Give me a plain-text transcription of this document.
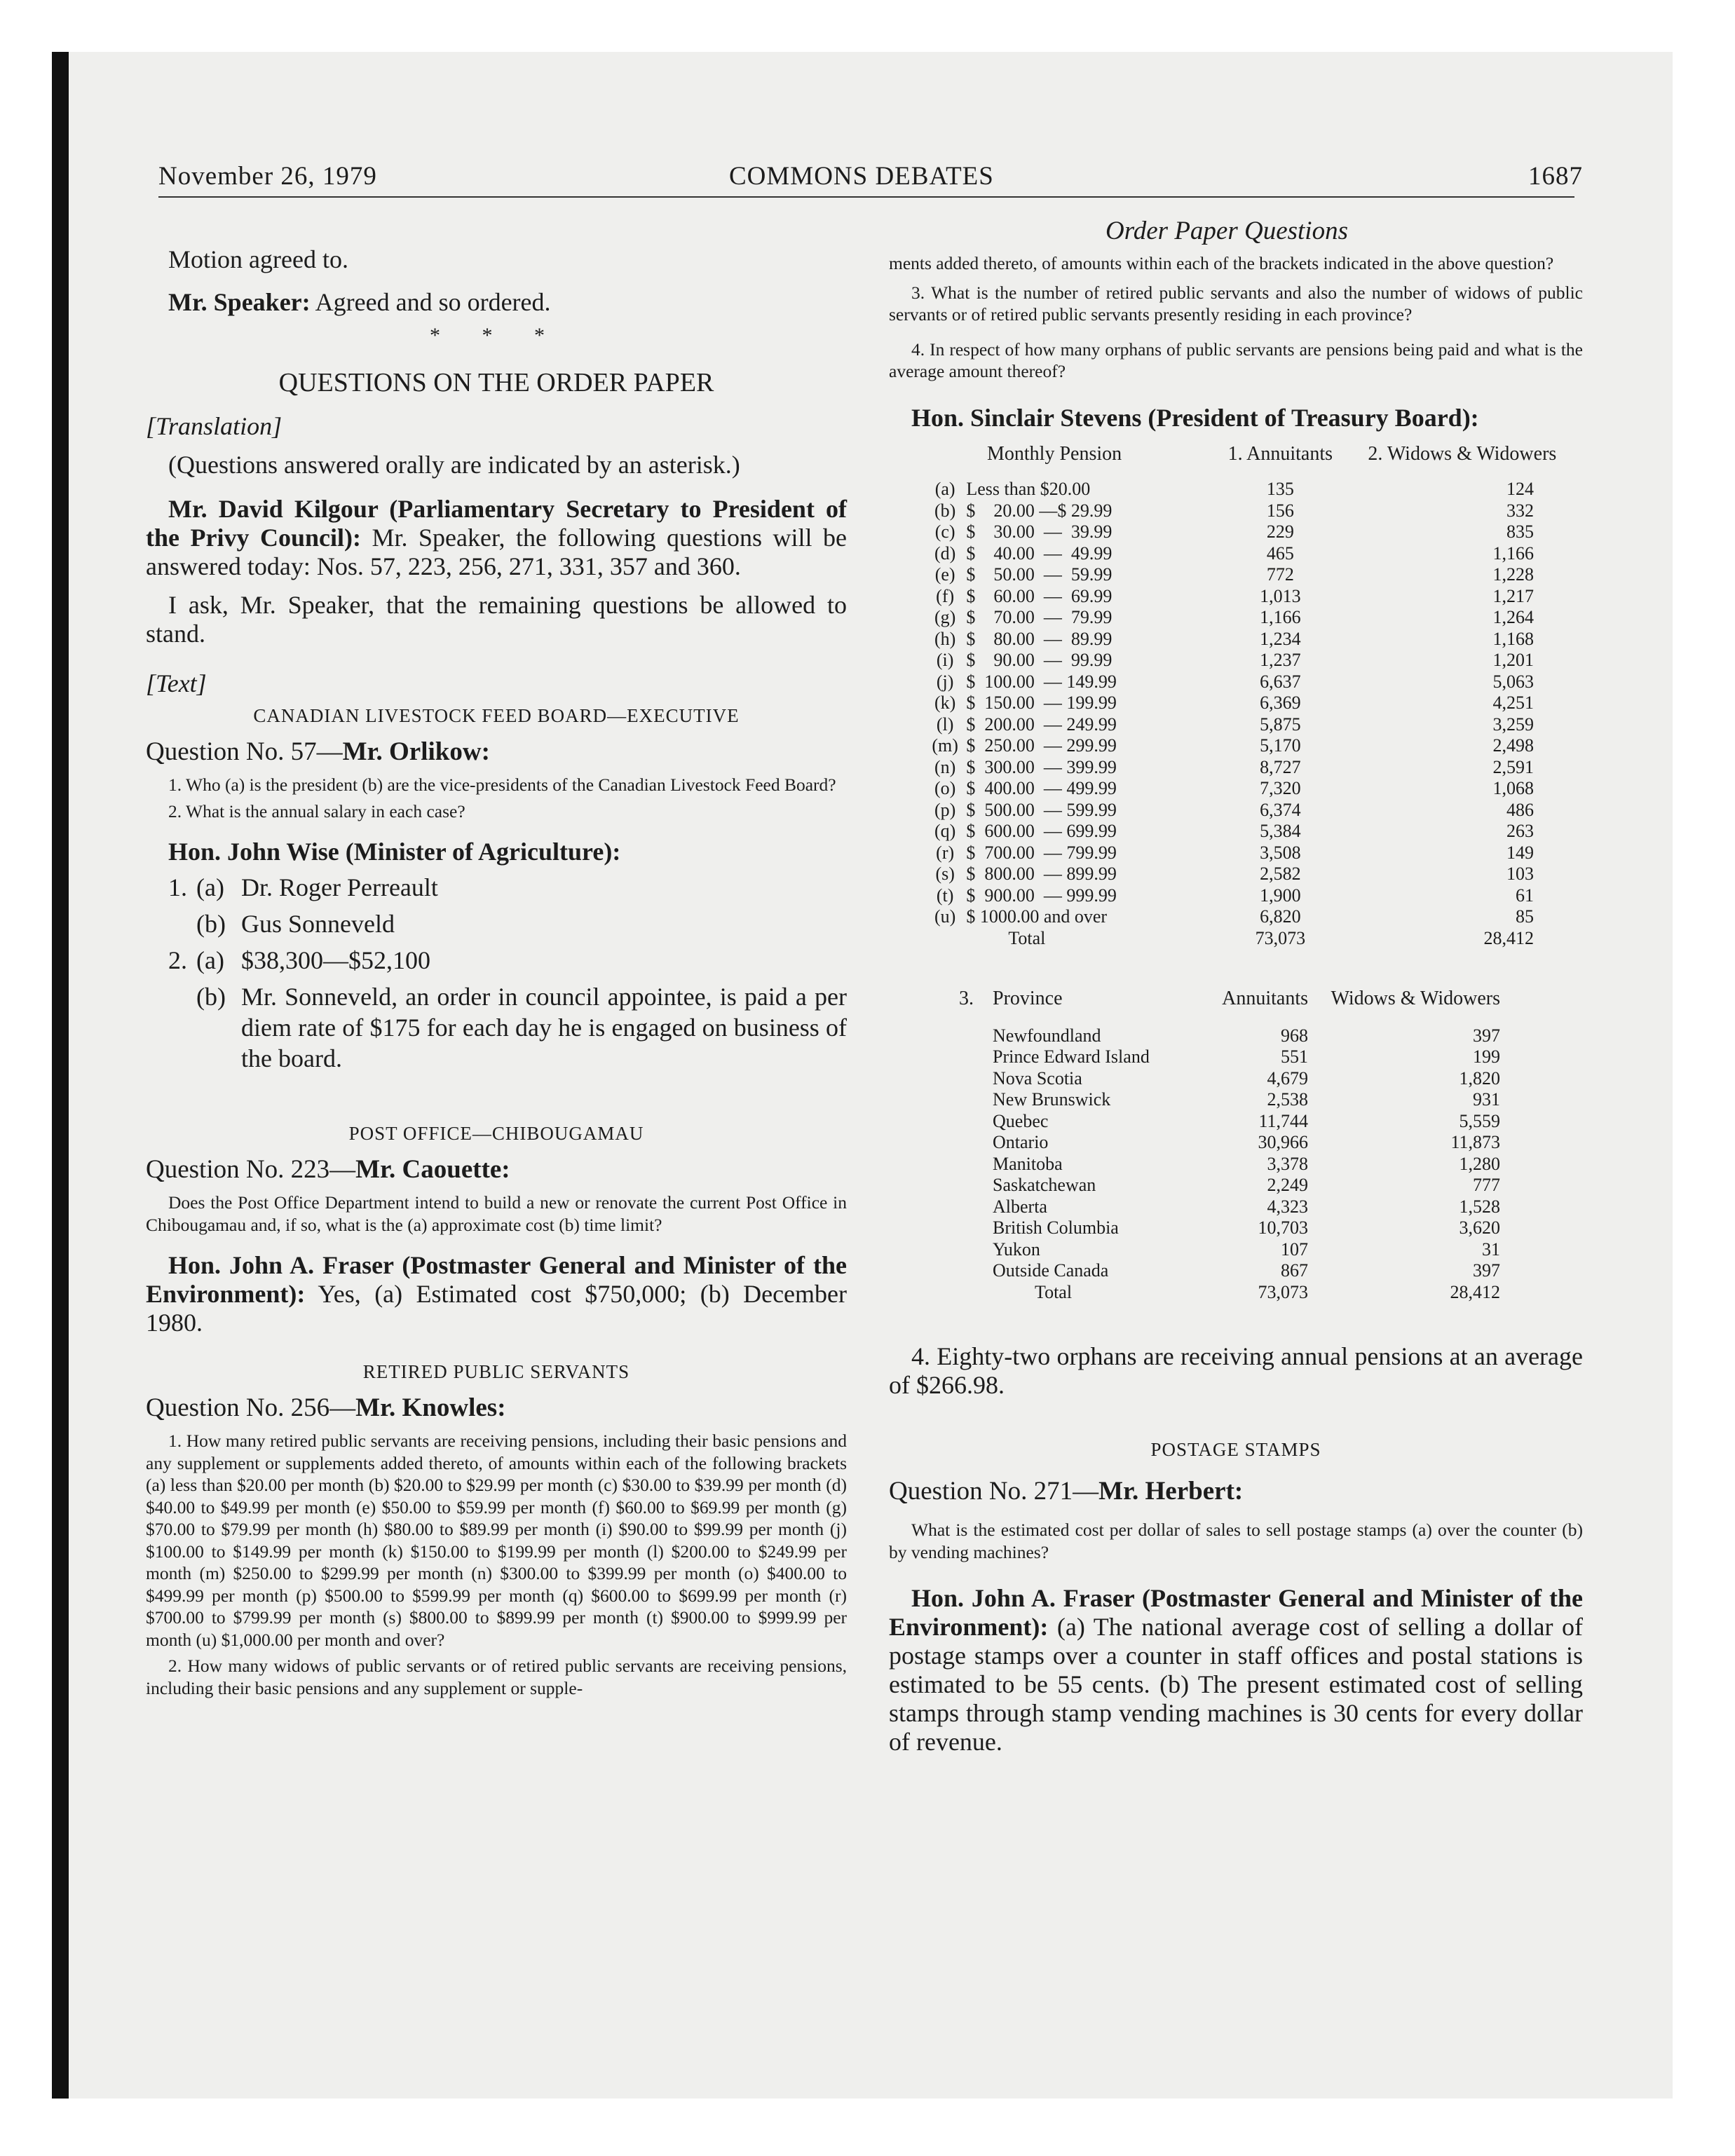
November 26, 1979	COMMONS DEBATES	1687
Order Paper Questions

Motion agreed to.

Mr. Speaker: Agreed and so ordered.

* * *
QUESTIONS ON THE ORDER PAPER

[Translation]

(Questions answered orally are indicated by an asterisk.)

Mr. David Kilgour (Parliamentary Secretary to President of the Privy Council): Mr. Speaker, the following questions will be answered today: Nos. 57, 223, 256, 271, 331, 357 and 360.

I ask, Mr. Speaker, that the remaining questions be allowed to stand.

[Text]

CANADIAN LIVESTOCK FEED BOARD—EXECUTIVE

Question No. 57—Mr. Orlikow:

1. Who (a) is the president (b) are the vice-presidents of the Canadian Livestock Feed Board?

2. What is the annual salary in each case?

Hon. John Wise (Minister of Agriculture):

1. (a) Dr. Roger Perreault
(b) Gus Sonneveld
2. (a) $38,300—$52,100
(b) Mr. Sonneveld, an order in council appointee, is paid a per diem rate of $175 for each day he is engaged on business of the board.
POST OFFICE—CHIBOUGAMAU

Question No. 223—Mr. Caouette:

Does the Post Office Department intend to build a new or renovate the current Post Office in Chibougamau and, if so, what is the (a) approximate cost (b) time limit?

Hon. John A. Fraser (Postmaster General and Minister of the Environment): Yes, (a) Estimated cost $750,000; (b) December 1980.

RETIRED PUBLIC SERVANTS

Question No. 256—Mr. Knowles:

1. How many retired public servants are receiving pensions, including their basic pensions and any supplement or supplements added thereto, of amounts within each of the following brackets (a) less than $20.00 per month (b) $20.00 to $29.99 per month (c) $30.00 to $39.99 per month (d) $40.00 to $49.99 per month (e) $50.00 to $59.99 per month (f) $60.00 to $69.99 per month (g) $70.00 to $79.99 per month (h) $80.00 to $89.99 per month (i) $90.00 to $99.99 per month (j) $100.00 to $149.99 per month (k) $150.00 to $199.99 per month (l) $200.00 to $249.99 per month (m) $250.00 to $299.99 per month (n) $300.00 to $399.99 per month (o) $400.00 to $499.99 per month (p) $500.00 to $599.99 per month (q) $600.00 to $699.99 per month (r) $700.00 to $799.99 per month (s) $800.00 to $899.99 per month (t) $900.00 to $999.99 per month (u) $1,000.00 per month and over?

2. How many widows of public servants or of retired public servants are receiving pensions, including their basic pensions and any supplement or supple-

ments added thereto, of amounts within each of the brackets indicated in the above question?

3. What is the number of retired public servants and also the number of widows of public servants or of retired public servants presently residing in each province?

4. In respect of how many orphans of public servants are pensions being paid and what is the average amount thereof?

Hon. Sinclair Stevens (President of Treasury Board):

Monthly Pension		1. Annuitants	2. Widows & Widowers

(a)	Less than $20.00	135	124
(b)	$    20.00 —$ 29.99	156	332
(c)	$    30.00  —  39.99	229	835
(d)	$    40.00  —  49.99	465	1,166
(e)	$    50.00  —  59.99	772	1,228
(f)	$    60.00  —  69.99	1,013	1,217
(g)	$    70.00  —  79.99	1,166	1,264
(h)	$    80.00  —  89.99	1,234	1,168
(i)	$    90.00  —  99.99	1,237	1,201
(j)	$  100.00  — 149.99	6,637	5,063
(k)	$  150.00  — 199.99	6,369	4,251
(l)	$  200.00  — 249.99	5,875	3,259
(m)	$  250.00  — 299.99	5,170	2,498
(n)	$  300.00  — 399.99	8,727	2,591
(o)	$  400.00  — 499.99	7,320	1,068
(p)	$  500.00  — 599.99	6,374	486
(q)	$  600.00  — 699.99	5,384	263
(r)	$  700.00  — 799.99	3,508	149
(s)	$  800.00  — 899.99	2,582	103
(t)	$  900.00  — 999.99	1,900	61
(u)	$ 1000.00 and over	6,820	85
	Total	73,073	28,412
3.	Province	Annuitants	Widows & Widowers

	Newfoundland	968	397
	Prince Edward Island	551	199
	Nova Scotia	4,679	1,820
	New Brunswick	2,538	931
	Quebec	11,744	5,559
	Ontario	30,966	11,873
	Manitoba	3,378	1,280
	Saskatchewan	2,249	777
	Alberta	4,323	1,528
	British Columbia	10,703	3,620
	Yukon	107	31
	Outside Canada	867	397
	Total	73,073	28,412

4. Eighty-two orphans are receiving annual pensions at an average of $266.98.

POSTAGE STAMPS

Question No. 271—Mr. Herbert:

What is the estimated cost per dollar of sales to sell postage stamps (a) over the counter (b) by vending machines?

Hon. John A. Fraser (Postmaster General and Minister of the Environment): (a) The national average cost of selling a dollar of postage stamps over a counter in staff offices and postal stations is estimated to be 55 cents. (b) The present estimated cost of selling stamps through stamp vending machines is 30 cents for every dollar of revenue.
